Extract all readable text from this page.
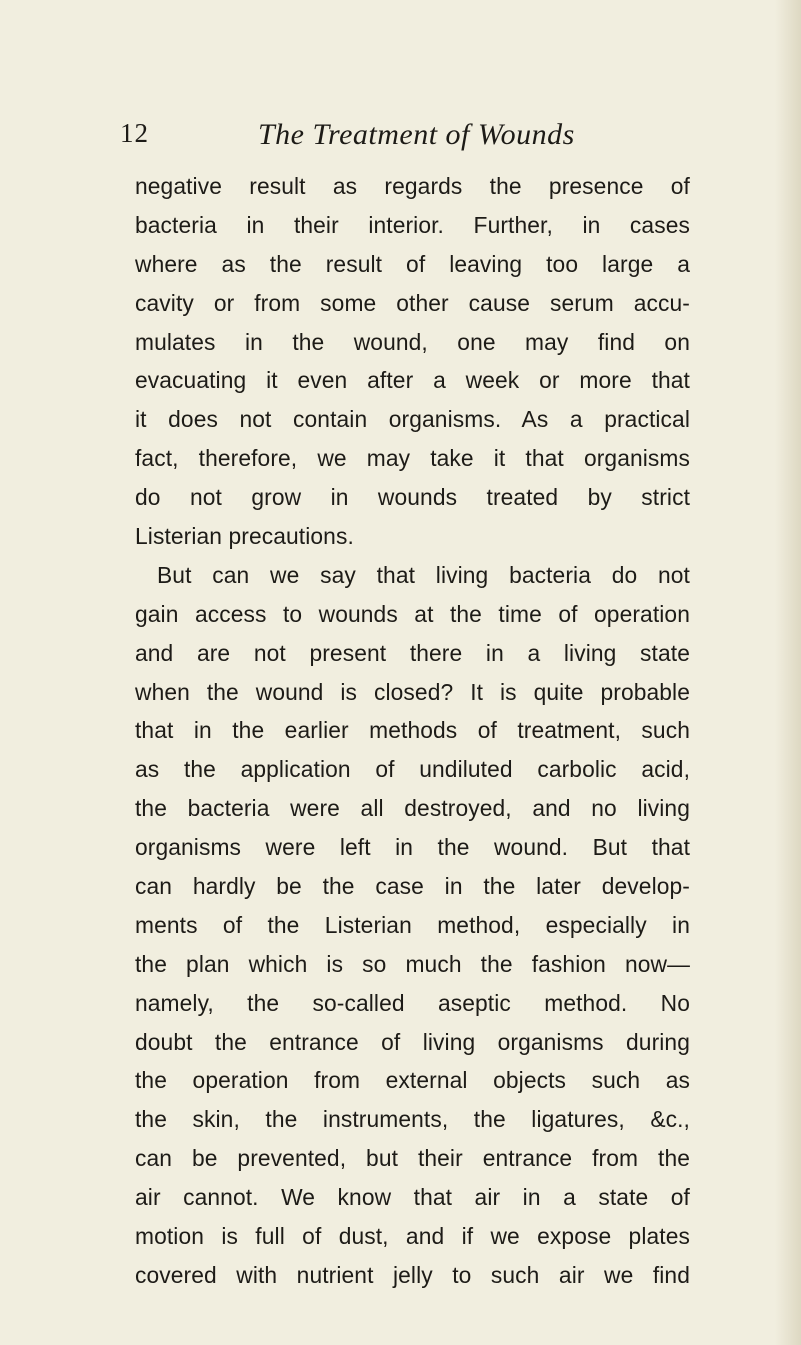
12	The Treatment of Wounds
negative result as regards the presence of
bacteria in their interior. Further, in cases
where as the result of leaving too large a
cavity or from some other cause serum accu-
mulates in the wound, one may find on
evacuating it even after a week or more that
it does not contain organisms. As a practical
fact, therefore, we may take it that organisms
do not grow in wounds treated by strict
Listerian precautions.
But can we say that living bacteria do not
gain access to wounds at the time of operation
and are not present there in a living state
when the wound is closed? It is quite probable
that in the earlier methods of treatment, such
as the application of undiluted carbolic acid,
the bacteria were all destroyed, and no living
organisms were left in the wound. But that
can hardly be the case in the later develop-
ments of the Listerian method, especially in
the plan which is so much the fashion now—
namely, the so-called aseptic method. No
doubt the entrance of living organisms during
the operation from external objects such as
the skin, the instruments, the ligatures, &c.,
can be prevented, but their entrance from the
air cannot. We know that air in a state of
motion is full of dust, and if we expose plates
covered with nutrient jelly to such air we find
